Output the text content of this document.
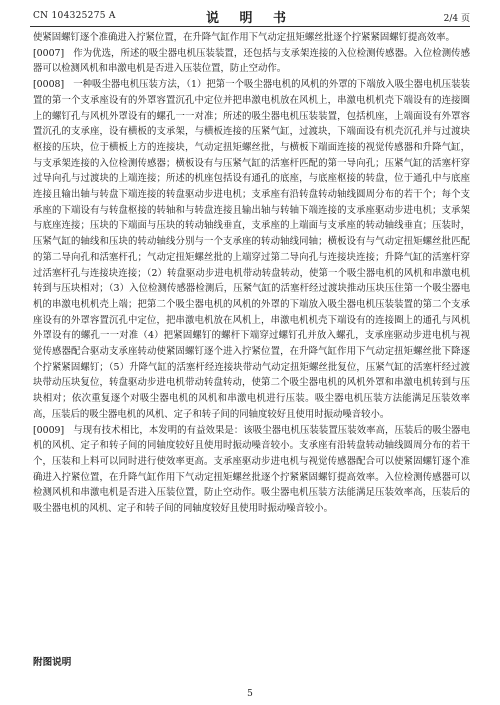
CN 104325275 A	说 明 书	2/4 页

使紧固螺钉逐个准确进入拧紧位置，在升降气缸作用下气动定扭矩螺丝批逐个拧紧紧固螺钉提高效率。

[0007] 作为优选，所述的吸尘器电机压装装置，还包括与支承架连接的入位检测传感器。入位检测传感器可以检测风机和串激电机是否进入压装位置，防止空动作。

[0008] 一种吸尘器电机压装方法，（1）把第一个吸尘器电机的风机的外罩的下端放入吸尘器电机压装装置的第一个支承座设有的外罩容置沉孔中定位并把串激电机放在风机上，串激电机机壳下端设有的连接圈上的螺钉孔与风机外罩设有的螺孔一一对准；所述的吸尘器电机压装装置，包括机座，上端面设有外罩容置沉孔的支承座，设有横板的支承架，与横板连接的压紧气缸，过渡块，下端面设有机壳沉孔并与过渡块枢接的压块，位于横板上方的连接块，气动定扭矩螺丝批，与横板下端面连接的视觉传感器和升降气缸，与支承架连接的入位检测传感器；横板设有与压紧气缸的活塞杆匹配的第一导向孔；压紧气缸的活塞杆穿过导向孔与过渡块的上端连接；所述的机座包括设有通孔的底座，与底座枢接的转盘，位于通孔中与底座连接且输出轴与转盘下端连接的转盘驱动步进电机；支承座有沿转盘转动轴线圆周分布的若干个；每个支承座的下端设有与转盘枢接的转轴和与转盘连接且输出轴与转轴下端连接的支承座驱动步进电机；支承架与底座连接；压块的下端面与压块的转动轴线垂直，支承座的上端面与支承座的转动轴线垂直；压装时，压紧气缸的轴线和压块的转动轴线分别与一个支承座的转动轴线同轴；横板设有与气动定扭矩螺丝批匹配的第二导向孔和活塞杆孔；气动定扭矩螺丝批的上端穿过第二导向孔与连接块连接；升降气缸的活塞杆穿过活塞杆孔与连接块连接；（2）转盘驱动步进电机带动转盘转动，使第一个吸尘器电机的风机和串激电机转到与压块相对；（3）入位检测传感器检测后，压紧气缸的活塞杆经过渡块推动压块压住第一个吸尘器电机的串激电机机壳上端；把第二个吸尘器电机的风机的外罩的下端放入吸尘器电机压装装置的第二个支承座设有的外罩容置沉孔中定位，把串激电机放在风机上，串激电机机壳下端设有的连接圈上的通孔与风机外罩设有的螺孔一一对准（4）把紧固螺钉的螺杆下端穿过螺钉孔并放入螺孔，支承座驱动步进电机与视觉传感器配合驱动支承座转动使紧固螺钉逐个进入拧紧位置，在升降气缸作用下气动定扭矩螺丝批下降逐个拧紧紧固螺钉；（5）升降气缸的活塞杆经连接块带动气动定扭矩螺丝批复位，压紧气缸的活塞杆经过渡块带动压块复位，转盘驱动步进电机带动转盘转动，使第二个吸尘器电机的风机外罩和串激电机转到与压块相对；依次重复逐个对吸尘器电机的风机和串激电机进行压装。吸尘器电机压装方法能满足压装效率高，压装后的吸尘器电机的风机、定子和转子间的同轴度较好且使用时振动噪音较小。

[0009] 与现有技术相比，本发明的有益效果是：该吸尘器电机压装装置压装效率高，压装后的吸尘器电机的风机、定子和转子间的同轴度较好且使用时振动噪音较小。支承座有沿转盘转动轴线圆周分布的若干个，压装和上料可以同时进行使效率更高。支承座驱动步进电机与视觉传感器配合可以使紧固螺钉逐个准确进入拧紧位置，在升降气缸作用下气动定扭矩螺丝批逐个拧紧紧固螺钉提高效率。入位检测传感器可以检测风机和串激电机是否进入压装位置，防止空动作。吸尘器电机压装方法能满足压装效率高，压装后的吸尘器电机的风机、定子和转子间的同轴度较好且使用时振动噪音较小。

附图说明
5
